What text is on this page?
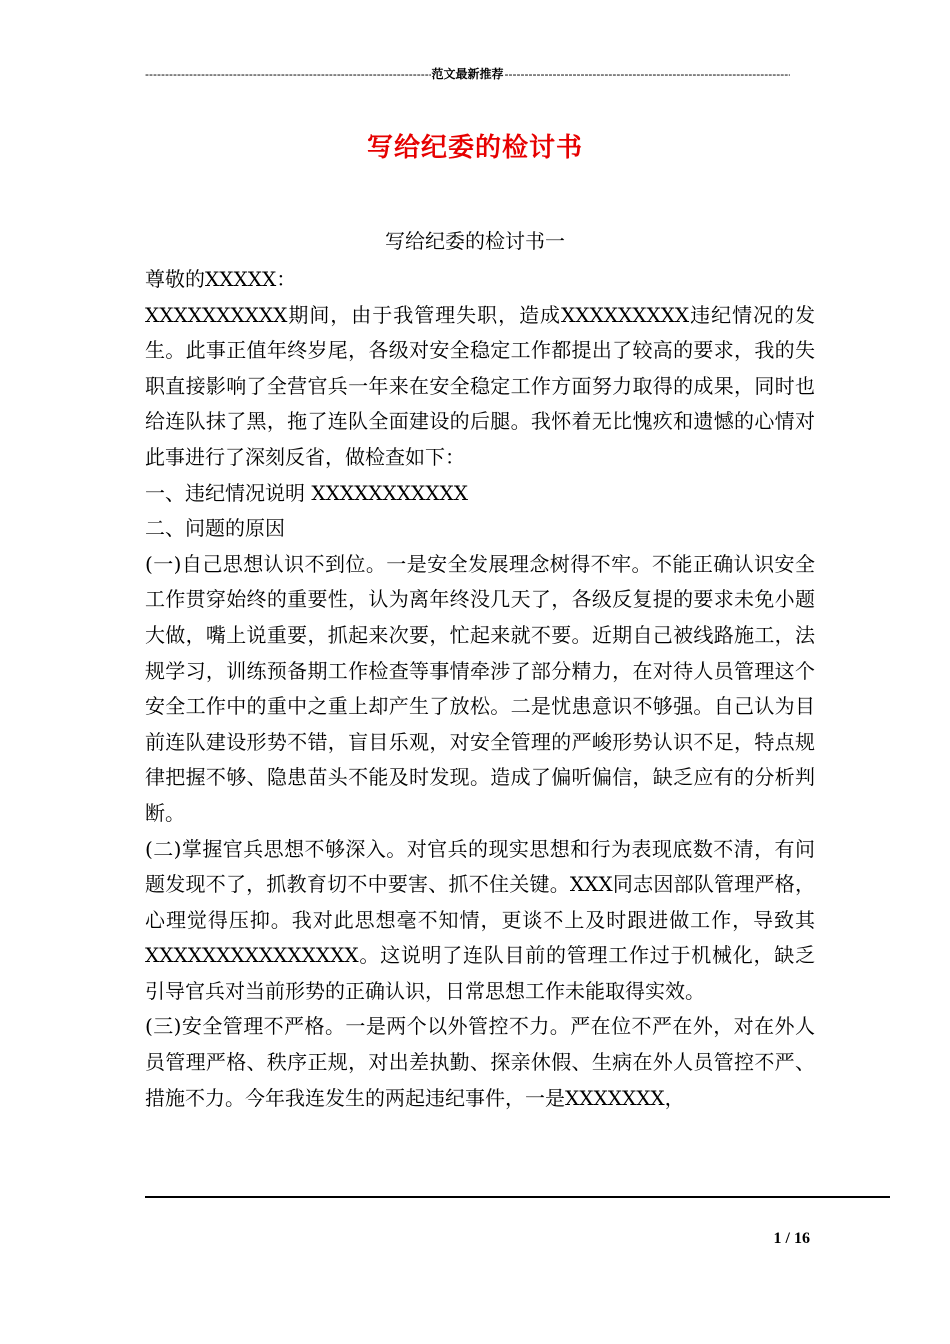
-----
范文最新推荐
-----
写给纪委的检讨书
写给纪委的检讨书一

尊敬的XXXXX：

XXXXXXXXXX期间，由于我管理失职，造成XXXXXXXXX违纪情况的发生。此事正值年终岁尾，各级对安全稳定工作都提出了较高的要求，我的失职直接影响了全营官兵一年来在安全稳定工作方面努力取得的成果，同时也给连队抹了黑，拖了连队全面建设的后腿。我怀着无比愧疚和遗憾的心情对此事进行了深刻反省，做检查如下：

一、违纪情况说明 XXXXXXXXXXX

二、问题的原因

(一)自己思想认识不到位。一是安全发展理念树得不牢。不能正确认识安全工作贯穿始终的重要性，认为离年终没几天了，各级反复提的要求未免小题大做，嘴上说重要，抓起来次要，忙起来就不要。近期自己被线路施工，法规学习，训练预备期工作检查等事情牵涉了部分精力，在对待人员管理这个安全工作中的重中之重上却产生了放松。二是忧患意识不够强。自己认为目前连队建设形势不错，盲目乐观，对安全管理的严峻形势认识不足，特点规律把握不够、隐患苗头不能及时发现。造成了偏听偏信，缺乏应有的分析判断。

(二)掌握官兵思想不够深入。对官兵的现实思想和行为表现底数不清，有问题发现不了，抓教育切不中要害、抓不住关键。XXX同志因部队管理严格，心理觉得压抑。我对此思想毫不知情，更谈不上及时跟进做工作，导致其XXXXXXXXXXXXXXX。这说明了连队目前的管理工作过于机械化，缺乏引导官兵对当前形势的正确认识，日常思想工作未能取得实效。

(三)安全管理不严格。一是两个以外管控不力。严在位不严在外，对在外人员管理严格、秩序正规，对出差执勤、探亲休假、生病在外人员管控不严、措施不力。今年我连发生的两起违纪事件，一是XXXXXXX，

1 / 16
